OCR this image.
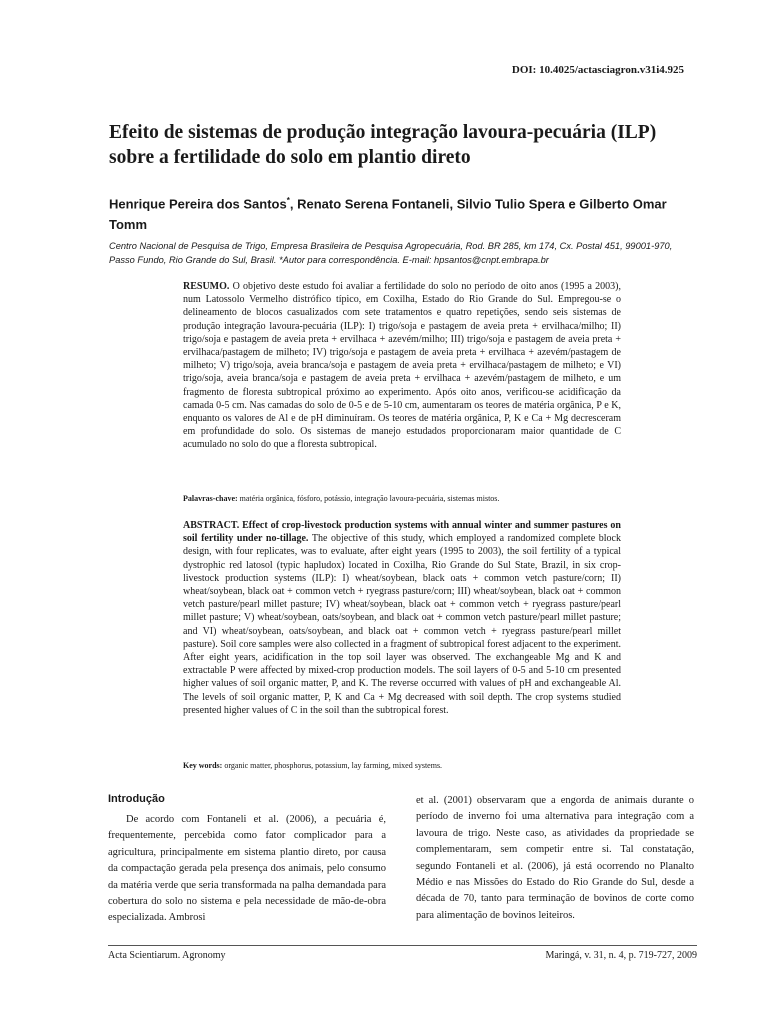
DOI: 10.4025/actasciagron.v31i4.925
Efeito de sistemas de produção integração lavoura-pecuária (ILP) sobre a fertilidade do solo em plantio direto

Henrique Pereira dos Santos*, Renato Serena Fontaneli, Silvio Tulio Spera e Gilberto Omar Tomm

Centro Nacional de Pesquisa de Trigo, Empresa Brasileira de Pesquisa Agropecuária, Rod. BR 285, km 174, Cx. Postal 451, 99001-970, Passo Fundo, Rio Grande do Sul, Brasil. *Autor para correspondência. E-mail: hpsantos@cnpt.embrapa.br

RESUMO. O objetivo deste estudo foi avaliar a fertilidade do solo no período de oito anos (1995 a 2003), num Latossolo Vermelho distrófico típico, em Coxilha, Estado do Rio Grande do Sul. Empregou-se o delineamento de blocos casualizados com sete tratamentos e quatro repetições, sendo seis sistemas de produção integração lavoura-pecuária (ILP): I) trigo/soja e pastagem de aveia preta + ervilhaca/milho; II) trigo/soja e pastagem de aveia preta + ervilhaca + azevém/milho; III) trigo/soja e pastagem de aveia preta + ervilhaca/pastagem de milheto; IV) trigo/soja e pastagem de aveia preta + ervilhaca + azevém/pastagem de milheto; V) trigo/soja, aveia branca/soja e pastagem de aveia preta + ervilhaca/pastagem de milheto; e VI) trigo/soja, aveia branca/soja e pastagem de aveia preta + ervilhaca + azevém/pastagem de milheto, e um fragmento de floresta subtropical próximo ao experimento. Após oito anos, verificou-se acidificação da camada 0-5 cm. Nas camadas do solo de 0-5 e de 5-10 cm, aumentaram os teores de matéria orgânica, P e K, enquanto os valores de Al e de pH diminuíram. Os teores de matéria orgânica, P, K e Ca + Mg decresceram em profundidade do solo. Os sistemas de manejo estudados proporcionaram maior quantidade de C acumulado no solo do que a floresta subtropical.

Palavras-chave: matéria orgânica, fósforo, potássio, integração lavoura-pecuária, sistemas mistos.

ABSTRACT. Effect of crop-livestock production systems with annual winter and summer pastures on soil fertility under no-tillage. The objective of this study, which employed a randomized complete block design, with four replicates, was to evaluate, after eight years (1995 to 2003), the soil fertility of a typical dystrophic red latosol (typic hapludox) located in Coxilha, Rio Grande do Sul State, Brazil, in six crop-livestock production systems (ILP): I) wheat/soybean, black oats + common vetch pasture/corn; II) wheat/soybean, black oat + common vetch + ryegrass pasture/corn; III) wheat/soybean, black oat + common vetch pasture/pearl millet pasture; IV) wheat/soybean, black oat + common vetch + ryegrass pasture/pearl millet pasture; V) wheat/soybean, oats/soybean, and black oat + common vetch pasture/pearl millet pasture; and VI) wheat/soybean, oats/soybean, and black oat + common vetch + ryegrass pasture/pearl millet pasture). Soil core samples were also collected in a fragment of subtropical forest adjacent to the experiment. After eight years, acidification in the top soil layer was observed. The exchangeable Mg and K and extractable P were affected by mixed-crop production models. The soil layers of 0-5 and 5-10 cm presented higher values of soil organic matter, P, and K. The reverse occurred with values of pH and exchangeable Al. The levels of soil organic matter, P, K and Ca + Mg decreased with soil depth. The crop systems studied presented higher values of C in the soil than the subtropical forest.

Key words: organic matter, phosphorus, potassium, lay farming, mixed systems.

Introdução

De acordo com Fontaneli et al. (2006), a pecuária é, frequentemente, percebida como fator complicador para a agricultura, principalmente em sistema plantio direto, por causa da compactação gerada pela presença dos animais, pelo consumo da matéria verde que seria transformada na palha demandada para cobertura do solo no sistema e pela necessidade de mão-de-obra especializada. Ambrosi

et al. (2001) observaram que a engorda de animais durante o período de inverno foi uma alternativa para integração com a lavoura de trigo. Neste caso, as atividades da propriedade se complementaram, sem competir entre si. Tal constatação, segundo Fontaneli et al. (2006), já está ocorrendo no Planalto Médio e nas Missões do Estado do Rio Grande do Sul, desde a década de 70, tanto para terminação de bovinos de corte como para alimentação de bovinos leiteiros.

Acta Scientiarum. Agronomy	Maringá, v. 31, n. 4, p. 719-727, 2009
